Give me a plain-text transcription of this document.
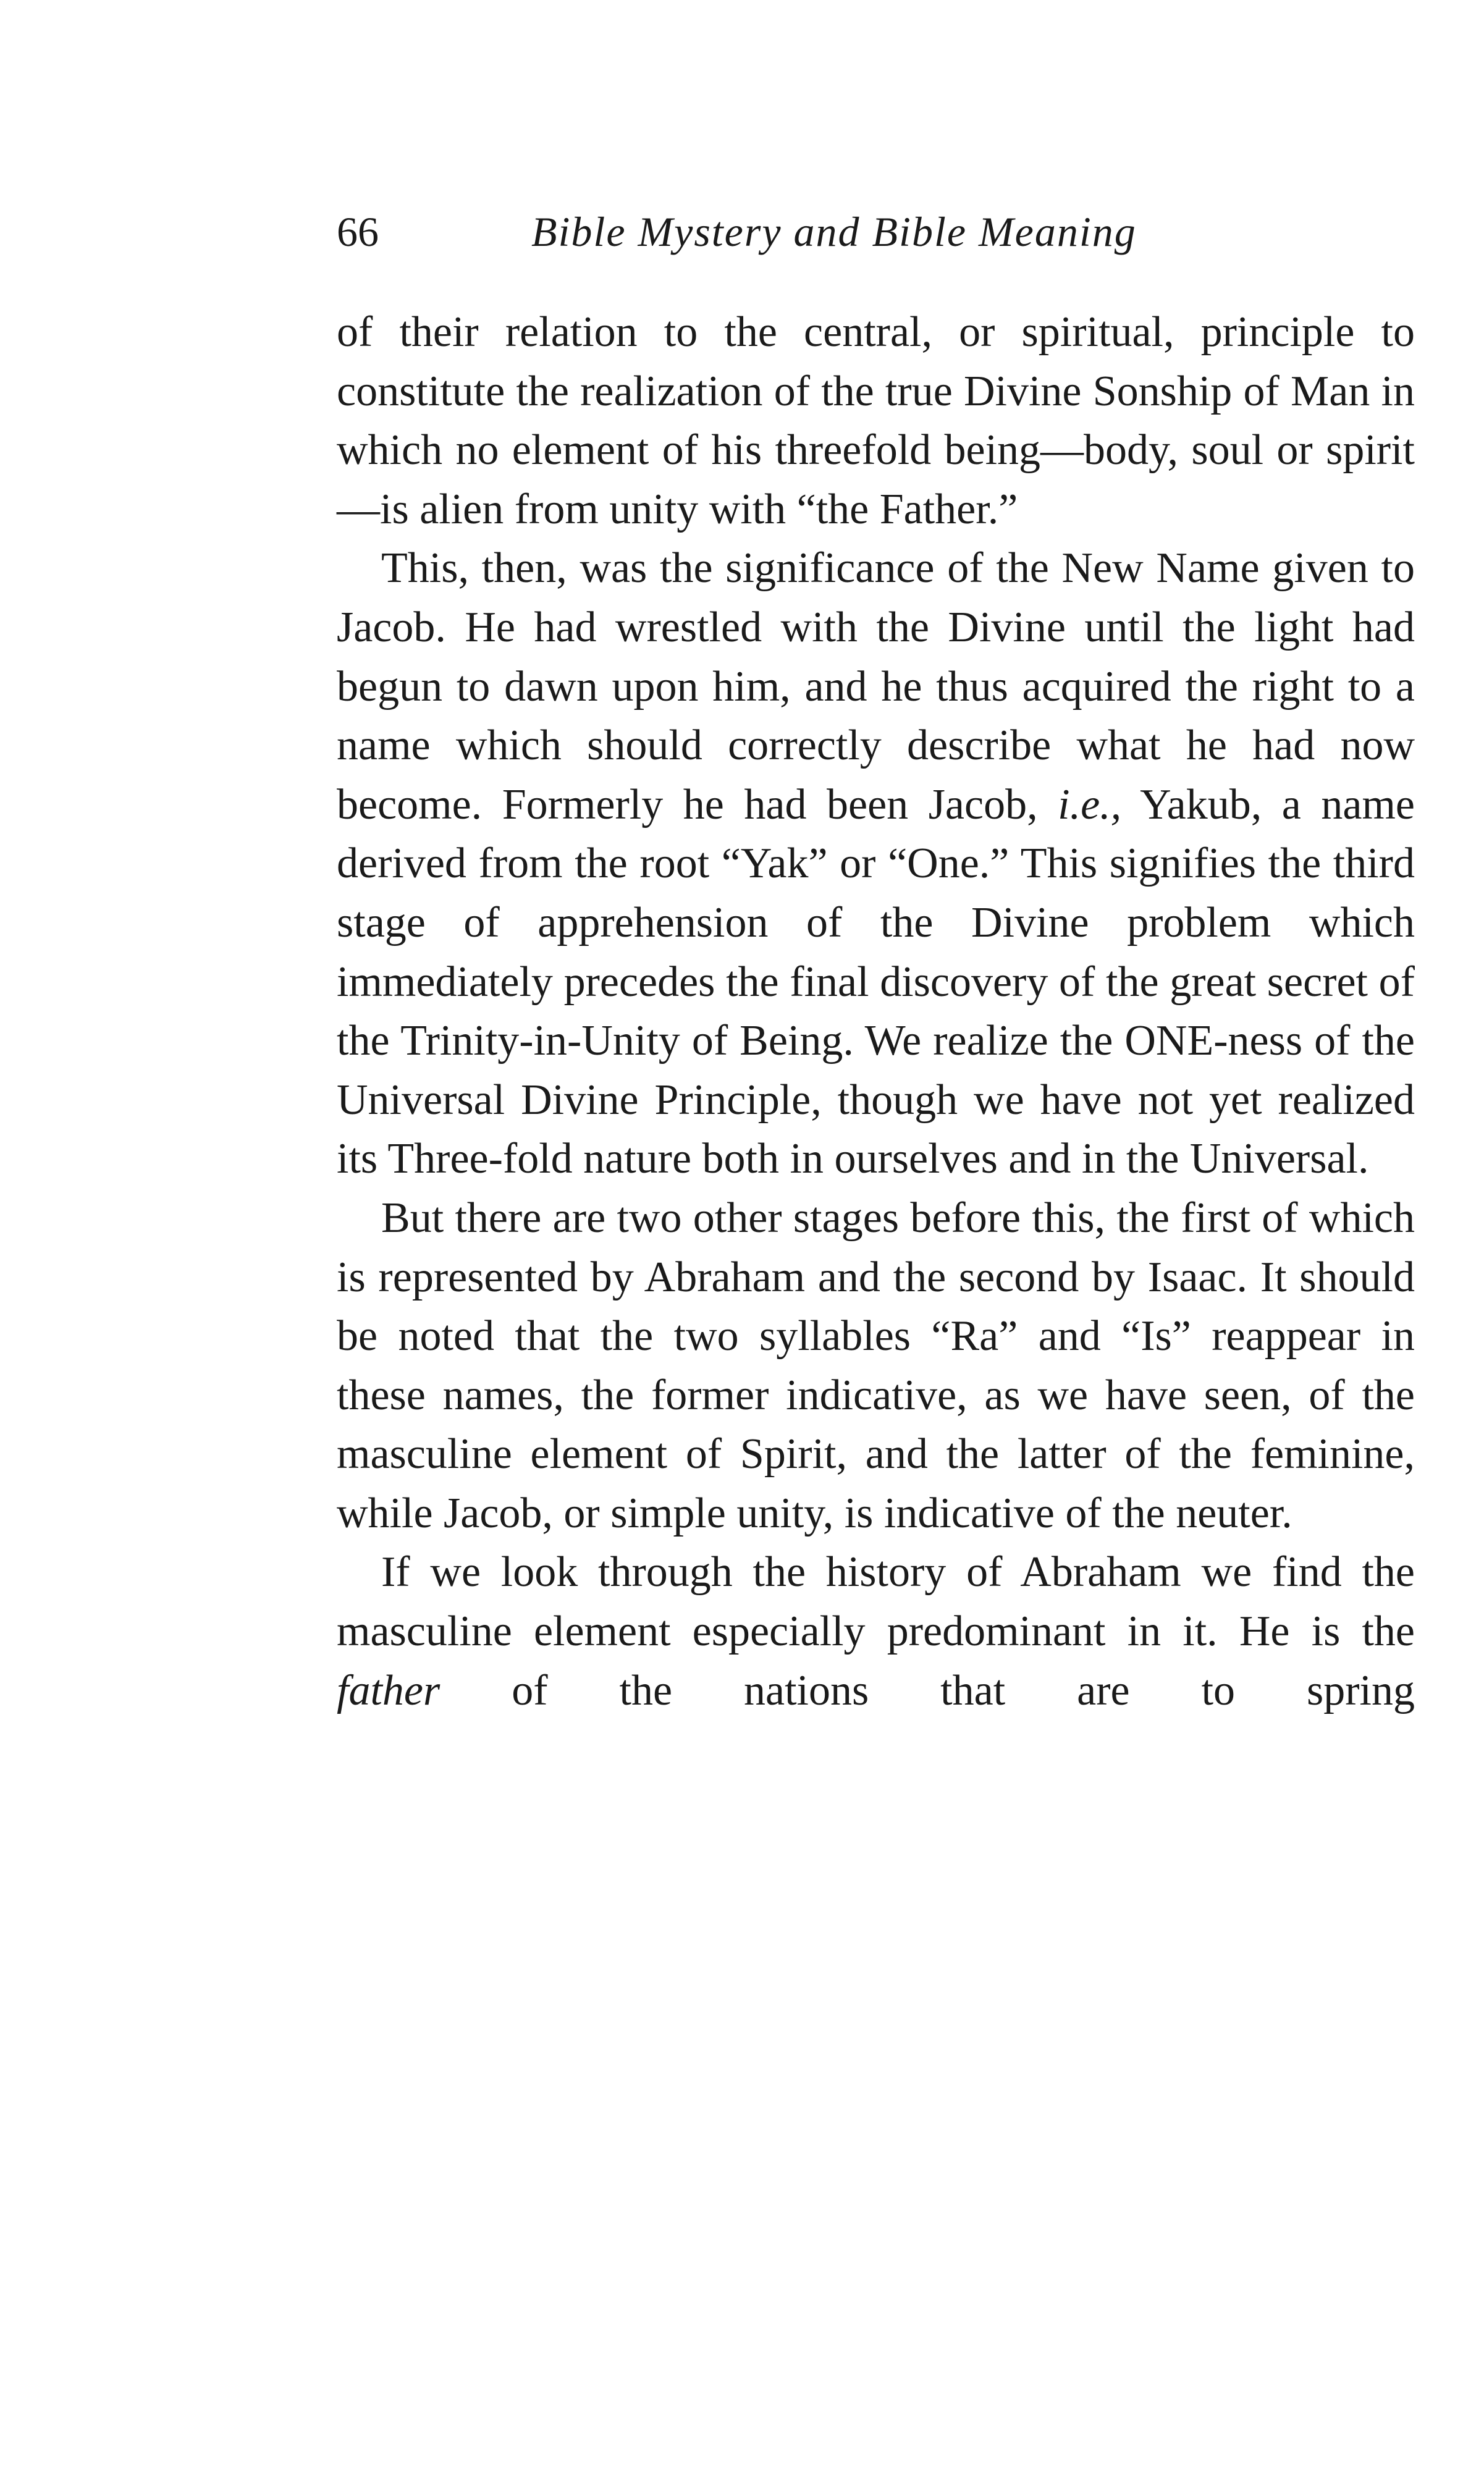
66	Bible Mystery and Bible Meaning

of their relation to the central, or spiritual, principle to constitute the realization of the true Divine Sonship of Man in which no element of his threefold being—body, soul or spirit—is alien from unity with “the Father.”

This, then, was the significance of the New Name given to Jacob. He had wrestled with the Divine until the light had begun to dawn upon him, and he thus acquired the right to a name which should correctly describe what he had now become. Formerly he had been Jacob, i.e., Yakub, a name derived from the root “Yak” or “One.” This signifies the third stage of apprehension of the Divine problem which immediately precedes the final discovery of the great secret of the Trinity-in-Unity of Being. We realize the ONE-ness of the Universal Divine Principle, though we have not yet realized its Three-fold nature both in ourselves and in the Universal.

But there are two other stages before this, the first of which is represented by Abraham and the second by Isaac. It should be noted that the two syllables “Ra” and “Is” reappear in these names, the former indicative, as we have seen, of the masculine element of Spirit, and the latter of the feminine, while Jacob, or simple unity, is indicative of the neuter.

If we look through the history of Abraham we find the masculine element especially predominant in it. He is the father of the nations that are to spring
